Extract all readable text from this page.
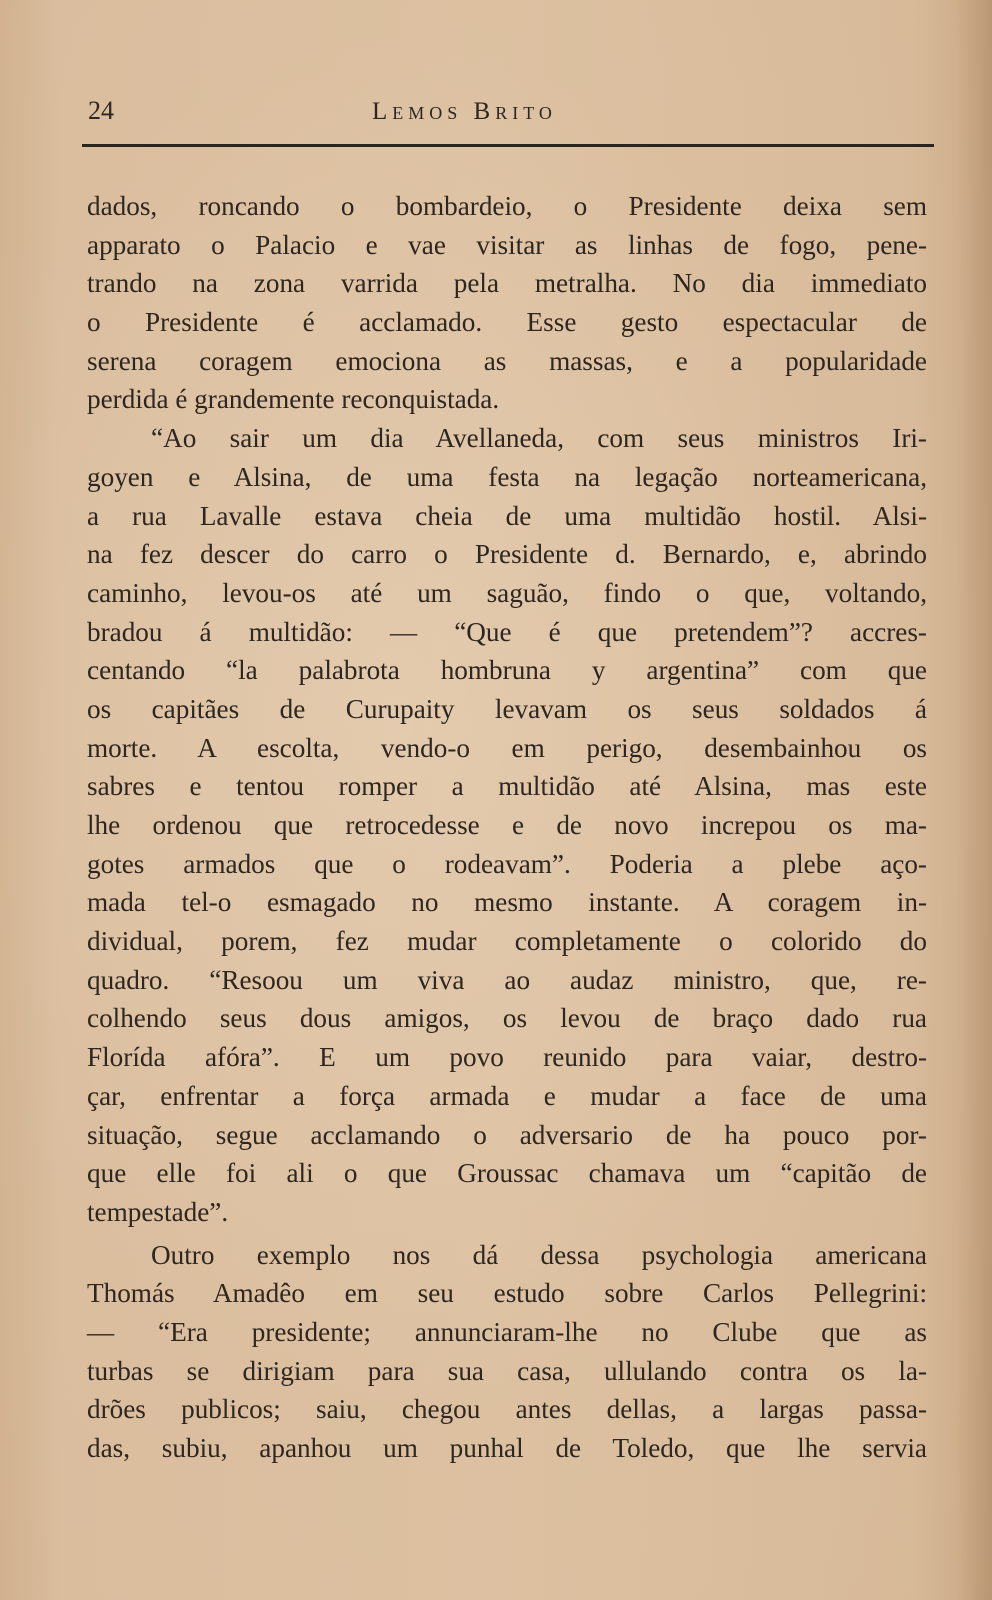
24	Lemos Brito
dados, roncando o bombardeio, o Presidente deixa sem
apparato o Palacio e vae visitar as linhas de fogo, pene-
trando na zona varrida pela metralha. No dia immediato
o Presidente é acclamado. Esse gesto espectacular de
serena coragem emociona as massas, e a popularidade
perdida é grandemente reconquistada.
“Ao sair um dia Avellaneda, com seus ministros Iri-
goyen e Alsina, de uma festa na legação norteamericana,
a rua Lavalle estava cheia de uma multidão hostil. Alsi-
na fez descer do carro o Presidente d. Bernardo, e, abrindo
caminho, levou-os até um saguão, findo o que, voltando,
bradou á multidão: — “Que é que pretendem”? accres-
centando “la palabrota hombruna y argentina” com que
os capitães de Curupaity levavam os seus soldados á
morte. A escolta, vendo-o em perigo, desembainhou os
sabres e tentou romper a multidão até Alsina, mas este
lhe ordenou que retrocedesse e de novo increpou os ma-
gotes armados que o rodeavam”. Poderia a plebe aço-
mada tel-o esmagado no mesmo instante. A coragem in-
dividual, porem, fez mudar completamente o colorido do
quadro. “Resoou um viva ao audaz ministro, que, re-
colhendo seus dous amigos, os levou de braço dado rua
Florída afóra”. E um povo reunido para vaiar, destro-
çar, enfrentar a força armada e mudar a face de uma
situação, segue acclamando o adversario de ha pouco por-
que elle foi ali o que Groussac chamava um “capitão de
tempestade”.
Outro exemplo nos dá dessa psychologia americana
Thomás Amadêo em seu estudo sobre Carlos Pellegrini:
— “Era presidente; annunciaram-lhe no Clube que as
turbas se dirigiam para sua casa, ullulando contra os la-
drões publicos; saiu, chegou antes dellas, a largas passa-
das, subiu, apanhou um punhal de Toledo, que lhe servia
